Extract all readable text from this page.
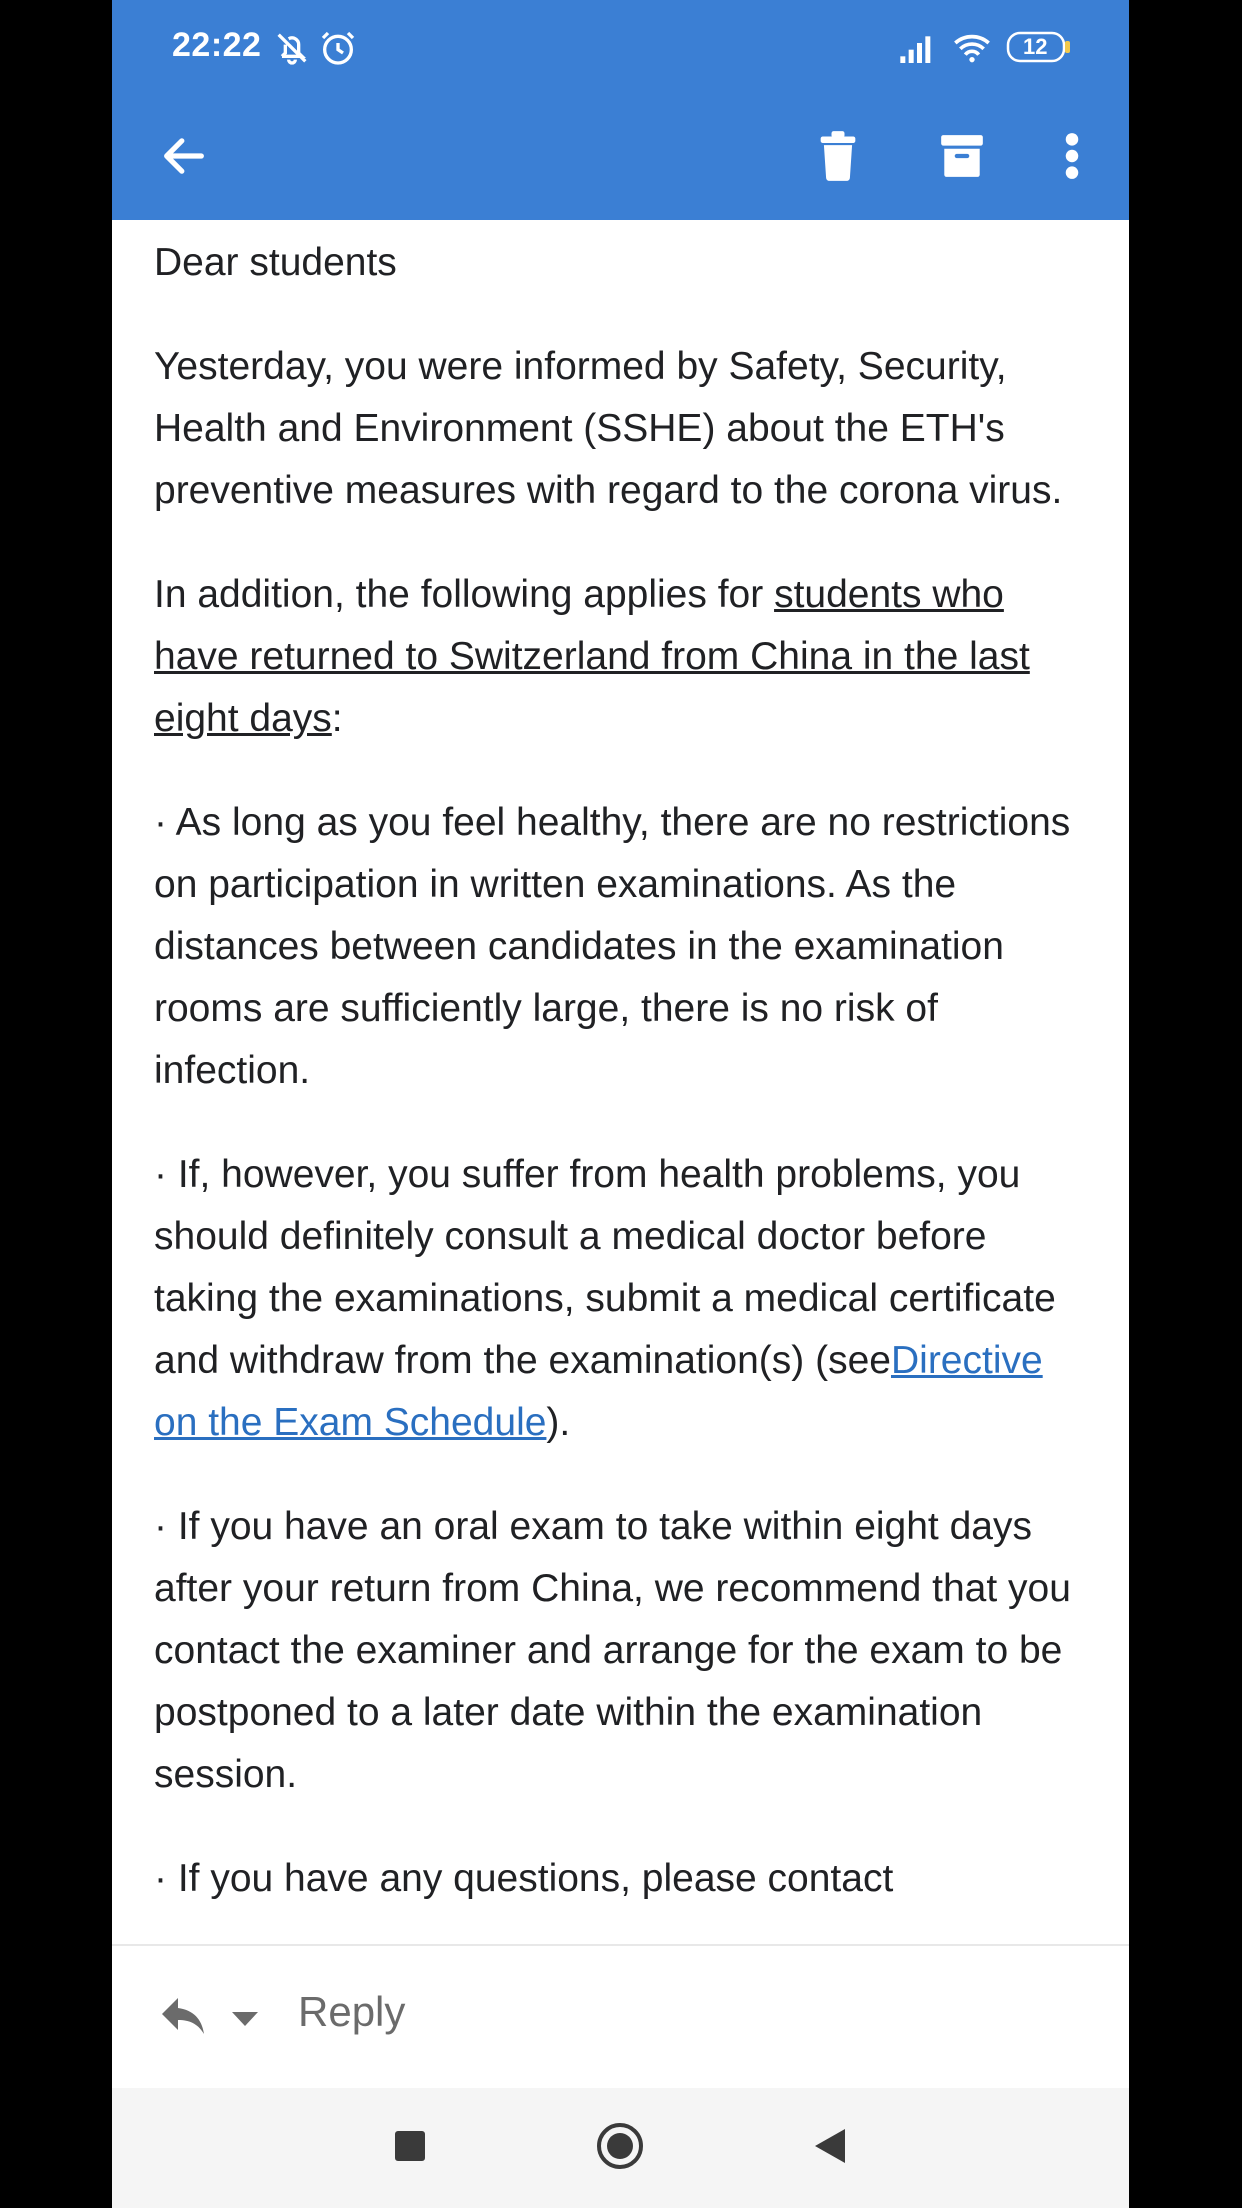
22:22	12

Dear students

Yesterday, you were informed by Safety, Security, Health and Environment (SSHE) about the ETH's preventive measures with regard to the corona virus.

In addition, the following applies for students who have returned to Switzerland from China in the last eight days:

· As long as you feel healthy, there are no restrictions on participation in written examinations. As the distances between candidates in the examination rooms are sufficiently large, there is no risk of infection.

· If, however, you suffer from health problems, you should definitely consult a medical doctor before taking the examinations, submit a medical certificate and withdraw from the examination(s) (seeDirective on the Exam Schedule).

· If you have an oral exam to take within eight days after your return from China, we recommend that you contact the examiner and arrange for the exam to be postponed to a later date within the examination session.

· If you have any questions, please contact

Reply
